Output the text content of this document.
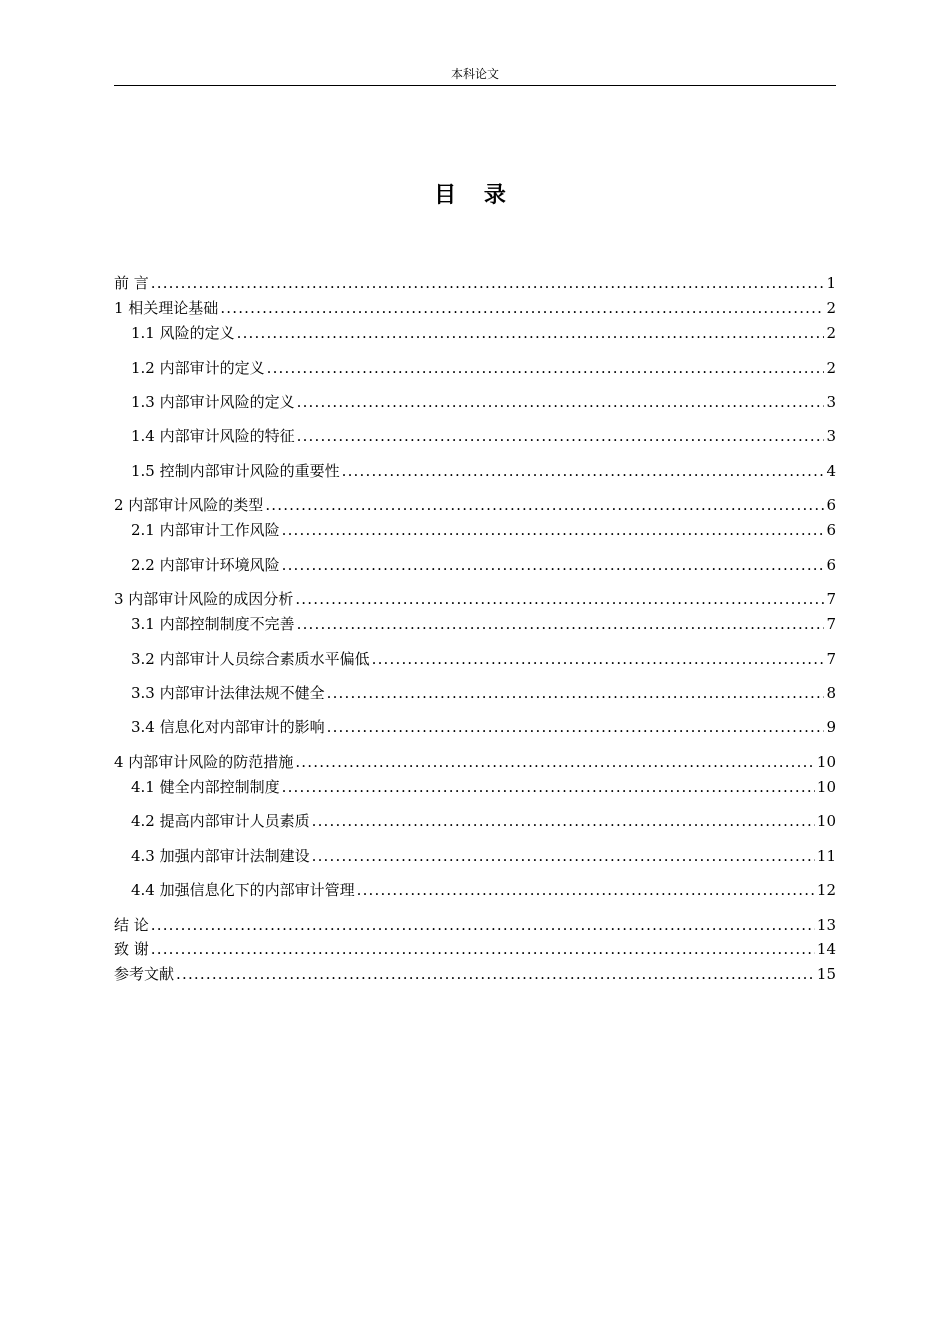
本科论文
目 录
前 言 .....	1
1 相关理论基础 .....	2
1.1 风险的定义 .....	2
1.2 内部审计的定义 .....	2
1.3 内部审计风险的定义 .....	3
1.4 内部审计风险的特征 .....	3
1.5 控制内部审计风险的重要性 .....	4
2 内部审计风险的类型 .....	6
2.1 内部审计工作风险 .....	6
2.2 内部审计环境风险 .....	6
3 内部审计风险的成因分析 .....	7
3.1 内部控制制度不完善 .....	7
3.2 内部审计人员综合素质水平偏低 .....	7
3.3 内部审计法律法规不健全 .....	8
3.4 信息化对内部审计的影响 .....	9
4 内部审计风险的防范措施 .....	10
4.1 健全内部控制制度 .....	10
4.2 提高内部审计人员素质 .....	10
4.3 加强内部审计法制建设 .....	11
4.4 加强信息化下的内部审计管理 .....	12
结 论 .....	13
致 谢 .....	14
参考文献 .....	15
